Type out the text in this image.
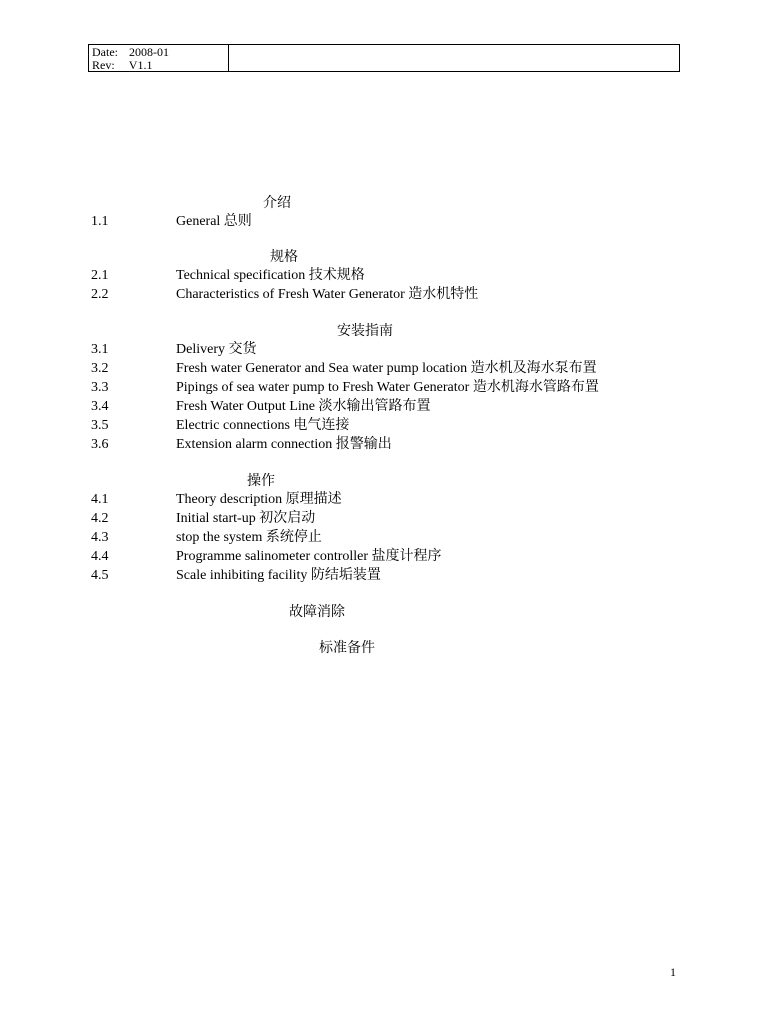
Date: 2008-01
Rev: V1.1
介绍
1.1	General 总则
规格
2.1	Technical specification 技术规格
2.2	Characteristics of Fresh Water Generator 造水机特性
安装指南
3.1	Delivery 交货
3.2	Fresh water Generator and Sea water pump location 造水机及海水泵布置
3.3	Pipings of sea water pump to Fresh Water Generator 造水机海水管路布置
3.4	Fresh Water Output Line 淡水输出管路布置
3.5	Electric connections 电气连接
3.6	Extension alarm connection 报警输出
操作
4.1	Theory description 原理描述
4.2	Initial start-up 初次启动
4.3	stop the system 系统停止
4.4	Programme salinometer controller 盐度计程序
4.5	Scale inhibiting facility 防结垢装置
故障消除
标准备件
1
